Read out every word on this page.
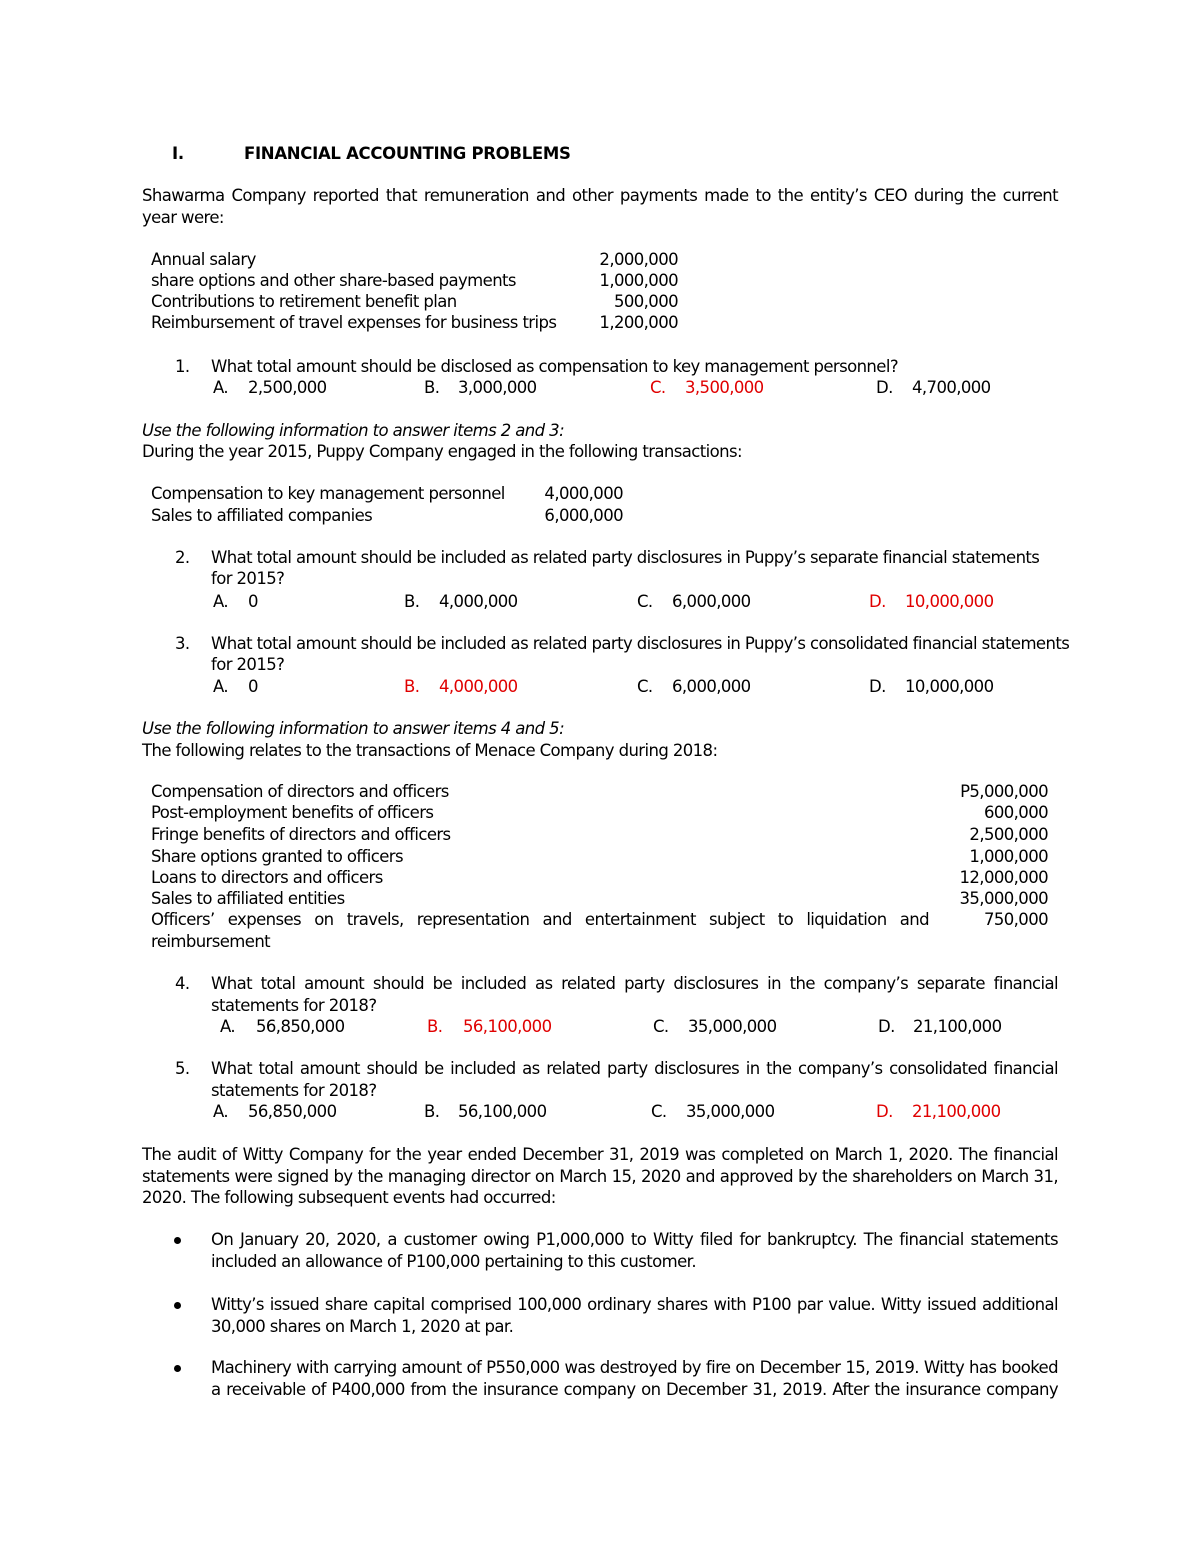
I.	FINANCIAL ACCOUNTING PROBLEMS
Shawarma Company reported that remuneration and other payments made to the entity’s CEO during the current year were:
Annual salary	2,000,000
share options and other share-based payments	1,000,000
Contributions to retirement benefit plan	500,000
Reimbursement of travel expenses for business trips	1,200,000
1. What total amount should be disclosed as compensation to key management personnel?
A. 2,500,000	B. 3,000,000	C. 3,500,000	D. 4,700,000
Use the following information to answer items 2 and 3:
During the year 2015, Puppy Company engaged in the following transactions:
Compensation to key management personnel	4,000,000
Sales to affiliated companies	6,000,000
2. What total amount should be included as related party disclosures in Puppy’s separate financial statements
for 2015?
A. 0	B. 4,000,000	C. 6,000,000	D. 10,000,000
3. What total amount should be included as related party disclosures in Puppy’s consolidated financial statements
for 2015?
A. 0	B. 4,000,000	C. 6,000,000	D. 10,000,000
Use the following information to answer items 4 and 5:
The following relates to the transactions of Menace Company during 2018:
Compensation of directors and officers	P5,000,000
Post-employment benefits of officers	600,000
Fringe benefits of directors and officers	2,500,000
Share options granted to officers	1,000,000
Loans to directors and officers	12,000,000
Sales to affiliated entities	35,000,000
Officers’ expenses on travels, representation and entertainment subject to liquidation and reimbursement
750,000
4. What total amount should be included as related party disclosures in the company’s separate financial statements for 2018?
A. 56,850,000	B. 56,100,000	C. 35,000,000	D. 21,100,000
5. What total amount should be included as related party disclosures in the company’s consolidated financial statements for 2018?
A. 56,850,000	B. 56,100,000	C. 35,000,000	D. 21,100,000
The audit of Witty Company for the year ended December 31, 2019 was completed on March 1, 2020. The financial statements were signed by the managing director on March 15, 2020 and approved by the shareholders on March 31, 2020. The following subsequent events had occurred:
On January 20, 2020, a customer owing P1,000,000 to Witty filed for bankruptcy. The financial statements included an allowance of P100,000 pertaining to this customer.
Witty’s issued share capital comprised 100,000 ordinary shares with P100 par value. Witty issued additional 30,000 shares on March 1, 2020 at par.
Machinery with carrying amount of P550,000 was destroyed by fire on December 15, 2019. Witty has booked a receivable of P400,000 from the insurance company on December 31, 2019. After the insurance company
